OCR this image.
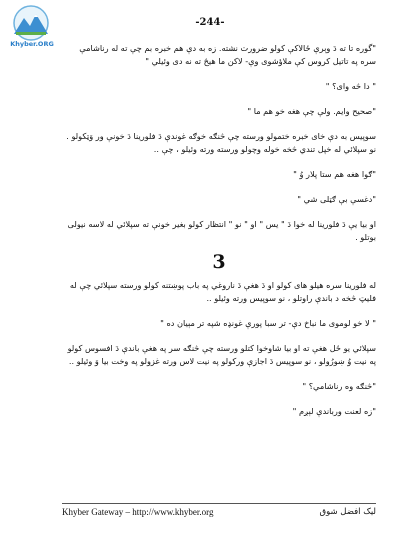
Khyber.ORG
-244-

"گوره تا ته دَ وېرې ځالاکې کولو ضرورت نشته. زه به دې هم خبره بم چې ته له رناشامې سره په تاتيل کروس کې ملاؤشوی وې- لاکن ما هیڅ ته نه دی وئیلي "

" دا څه وای؟ "

"صحيح وايم. ولې چې هغه خو هم ما "

سوپيس به دې خای خبره ختمولو ورسته چې څنګه خوګه غوندې دَ فلورينا دَ خونې ور وَټکولو . نو سپلائي له خپل تندي څخه خوله وچولو ورسته ورته وئيلو ، چې ..

"ګوا هغه هم ستا پلار وُ "

"دغسې بې ګټلی شي "

او بيا يې دَ فلورينا له خوا دَ " يس " او " نو " انتظار کولو بغير خونې ته سپلائي له لاسه نيولی بوتلو .

3

له فلورينا سره هيلو هاى کولو او دَ هغې دَ ناروغي په باب پوښتنه کولو ورسته سپلائي چې له فلیټ څخه د باندې راوتلو ، نو سوپيس ورته وئيلو ..

" لا خو لوموی ما نباخ دې- تر سبا پورې غونډه شپه تر مېيان ده "

سپلائي يو ځل هغې ته او بيا شاوخوا کتلو ورسته چې څنګه سر په هغې باندې دَ افسوس کولو په نيت وُ ښورُولو ، نو سوپيس دَ اجازې ورکولو په نيت لاس ورته غزولو په وخت بيا وَ وئيلو ..

"څنګه وه رناشامي؟ "

"زه لعنت ورباندې لېږم "

Khyber Gateway – http://www.khyber.org	لیک افضل شوق
